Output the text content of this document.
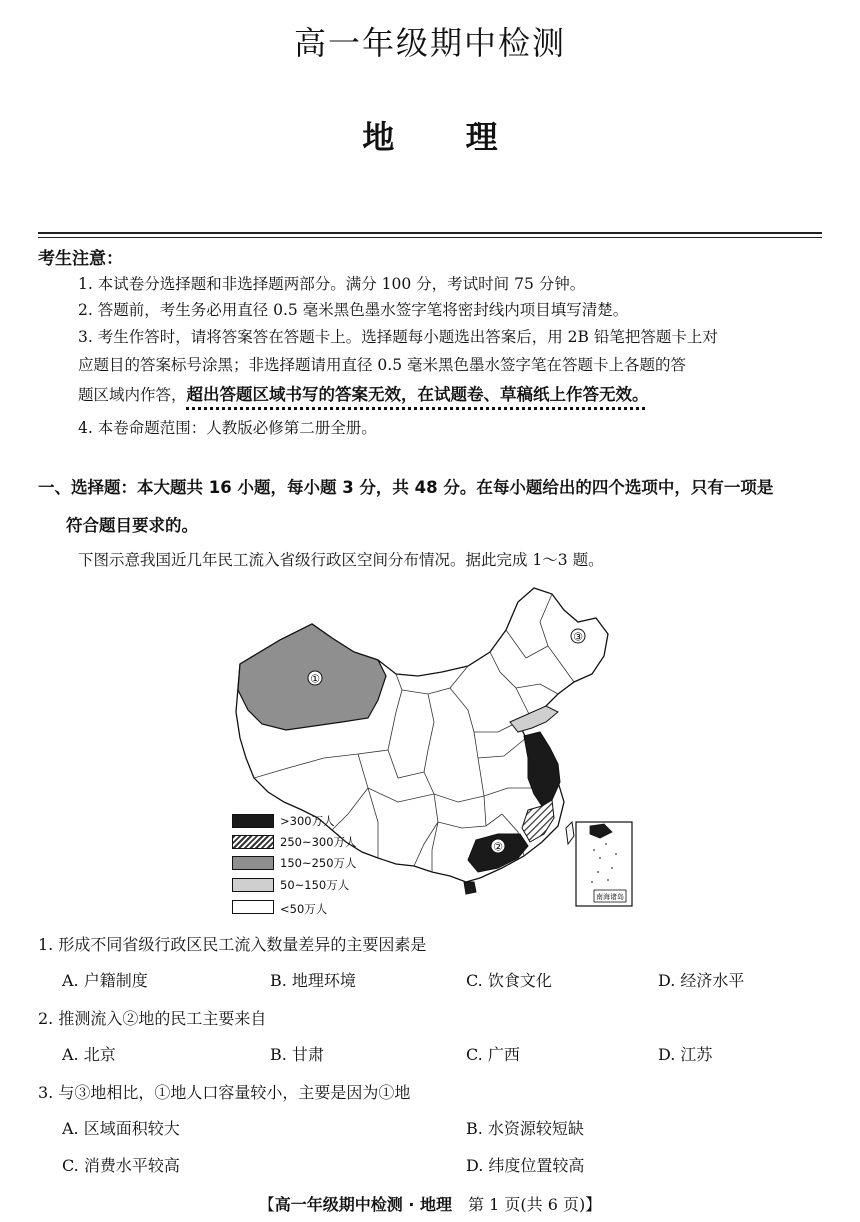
高一年级期中检测
地 理
考生注意：
1. 本试卷分选择题和非选择题两部分。满分 100 分，考试时间 75 分钟。
2. 答题前，考生务必用直径 0.5 毫米黑色墨水签字笔将密封线内项目填写清楚。
3. 考生作答时，请将答案答在答题卡上。选择题每小题选出答案后，用 2B 铅笔把答题卡上对
应题目的答案标号涂黑；非选择题请用直径 0.5 毫米黑色墨水签字笔在答题卡上各题的答
题区域内作答，超出答题区域书写的答案无效，在试题卷、草稿纸上作答无效。
4. 本卷命题范围：人教版必修第二册全册。
一、选择题：本大题共 16 小题，每小题 3 分，共 48 分。在每小题给出的四个选项中，只有一项是
符合题目要求的。
下图示意我国近几年民工流入省级行政区空间分布情况。据此完成 1～3 题。
①
②
③
南海诸岛
>300万人
250~300万人
150~250万人
50~150万人
<50万人
1. 形成不同省级行政区民工流入数量差异的主要因素是
A. 户籍制度	B. 地理环境	C. 饮食文化	D. 经济水平
2. 推测流入②地的民工主要来自
A. 北京	B. 甘肃	C. 广西	D. 江苏
3. 与③地相比，①地人口容量较小，主要是因为①地
A. 区域面积较大	B. 水资源较短缺
C. 消费水平较高	D. 纬度位置较高
【高一年级期中检测 · 地理　第 1 页(共 6 页)】
